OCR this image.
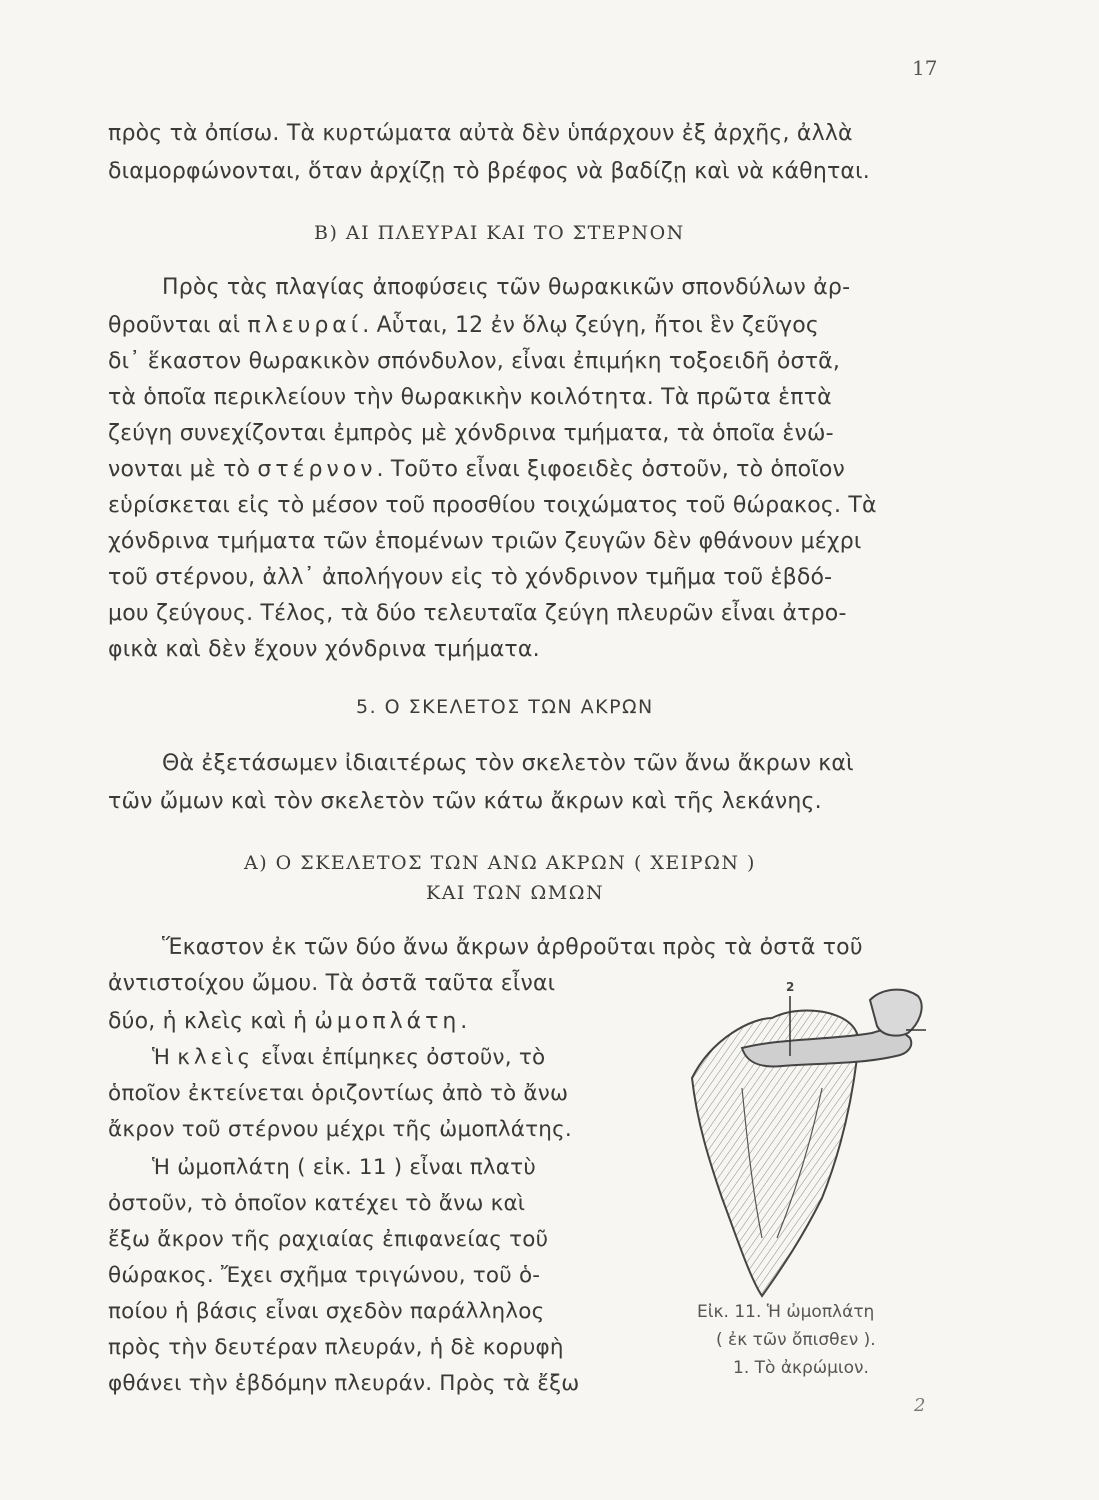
17
πρὸς τὰ ὀπίσω. Τὰ κυρτώματα αὐτὰ δὲν ὑπάρχουν ἐξ ἀρχῆς, ἀλλὰ
διαμορφώνονται, ὅταν ἀρχίζῃ τὸ βρέφος νὰ βαδίζῃ καὶ νὰ κάθηται.
Β) ΑΙ ΠΛΕΥΡΑΙ ΚΑΙ ΤΟ ΣΤΕΡΝΟΝ
Πρὸς τὰς πλαγίας ἀποφύσεις τῶν θωρακικῶν σπονδύλων ἀρ-
θροῦνται αἱ πλευραί. Αὗται, 12 ἐν ὅλῳ ζεύγη, ἤτοι ἓν ζεῦγος
δι᾿ ἕκαστον θωρακικὸν σπόνδυλον, εἶναι ἐπιμήκη τοξοειδῆ ὀστᾶ,
τὰ ὁποῖα περικλείουν τὴν θωρακικὴν κοιλότητα. Τὰ πρῶτα ἑπτὰ
ζεύγη συνεχίζονται ἐμπρὸς μὲ χόνδρινα τμήματα, τὰ ὁποῖα ἑνώ-
νονται μὲ τὸ στέρνον. Τοῦτο εἶναι ξιφοειδὲς ὀστοῦν, τὸ ὁποῖον
εὑρίσκεται εἰς τὸ μέσον τοῦ προσθίου τοιχώματος τοῦ θώρακος. Τὰ
χόνδρινα τμήματα τῶν ἑπομένων τριῶν ζευγῶν δὲν φθάνουν μέχρι
τοῦ στέρνου, ἀλλ᾿ ἀπολήγουν εἰς τὸ χόνδρινον τμῆμα τοῦ ἑβδό-
μου ζεύγους. Τέλος, τὰ δύο τελευταῖα ζεύγη πλευρῶν εἶναι ἀτρο-
φικὰ καὶ δὲν ἔχουν χόνδρινα τμήματα.
5. Ο ΣΚΕΛΕΤΟΣ ΤΩΝ ΑΚΡΩΝ
Θὰ ἐξετάσωμεν ἰδιαιτέρως τὸν σκελετὸν τῶν ἄνω ἄκρων καὶ
τῶν ὤμων καὶ τὸν σκελετὸν τῶν κάτω ἄκρων καὶ τῆς λεκάνης.
Α) Ο ΣΚΕΛΕΤΟΣ ΤΩΝ ΑΝΩ ΑΚΡΩΝ ( ΧΕΙΡΩΝ )
ΚΑΙ ΤΩΝ ΩΜΩΝ
Ἕκαστον ἐκ τῶν δύο ἄνω ἄκρων ἀρθροῦται πρὸς τὰ ὀστᾶ τοῦ
ἀντιστοίχου ὤμου. Τὰ ὀστᾶ ταῦτα εἶναι
δύο, ἡ κλεὶς καὶ ἡ ὠμοπλάτη.
Ἡ κλεὶς εἶναι ἐπίμηκες ὀστοῦν, τὸ
ὁποῖον ἐκτείνεται ὁριζοντίως ἀπὸ τὸ ἄνω
ἄκρον τοῦ στέρνου μέχρι τῆς ὠμοπλάτης.
Ἡ ὠμοπλάτη ( εἰκ. 11 ) εἶναι πλατὺ
ὀστοῦν, τὸ ὁποῖον κατέχει τὸ ἄνω καὶ
ἔξω ἄκρον τῆς ραχιαίας ἐπιφανείας τοῦ
θώρακος. Ἔχει σχῆμα τριγώνου, τοῦ ὁ-
ποίου ἡ βάσις εἶναι σχεδὸν παράλληλος
πρὸς τὴν δευτέραν πλευράν, ἡ δὲ κορυφὴ
φθάνει τὴν ἑβδόμην πλευράν. Πρὸς τὰ ἔξω
2
Εἰκ. 11. Ἡ ὠμοπλάτη
( ἐκ τῶν ὄπισθεν ).
1. Τὸ ἀκρώμιον.
2
